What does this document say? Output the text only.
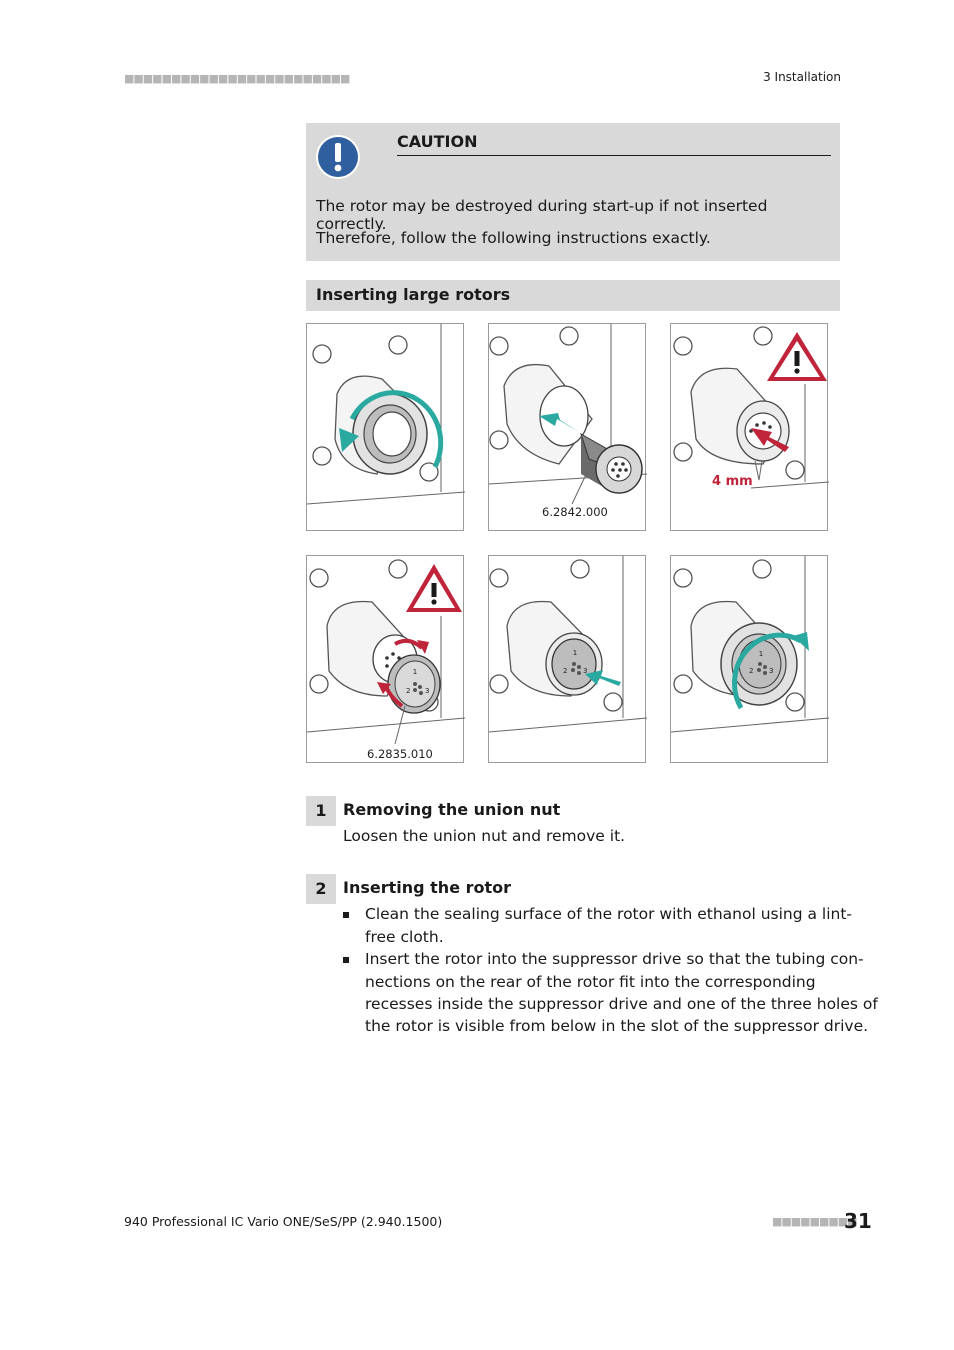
■■■■■■■■■■■■■■■■■■■■■■■■	3 Installation
CAUTION
The rotor may be destroyed during start-up if not inserted correctly.
Therefore, follow the following instructions exactly.
Inserting large rotors
6.2842.000
4 mm
1
2 3
6.2835.010
1
2 3
1
2 3
1	Removing the union nut
Loosen the union nut and remove it.
2	Inserting the rotor
Clean the sealing surface of the rotor with ethanol using a lint-
free cloth.
Insert the rotor into the suppressor drive so that the tubing con-
nections on the rear of the rotor fit into the corresponding
recesses inside the suppressor drive and one of the three holes of
the rotor is visible from below in the slot of the suppressor drive.
940 Professional IC Vario ONE/SeS/PP (2.940.1500)	■■■■■■■■■
31
